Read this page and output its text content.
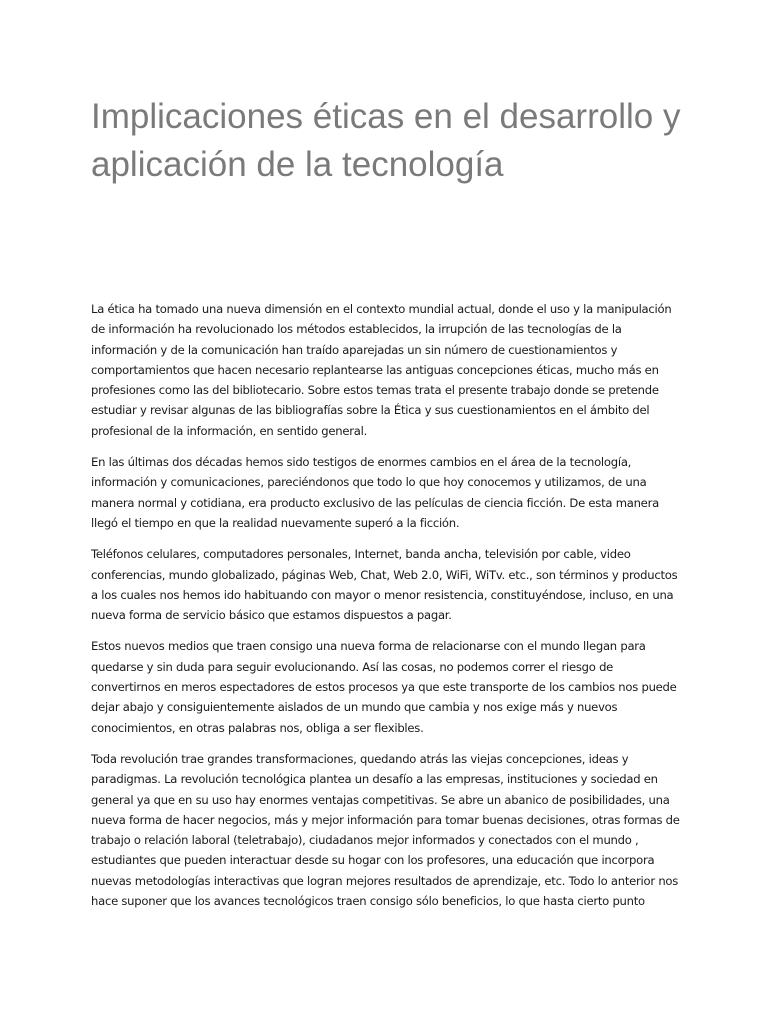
Implicaciones éticas en el desarrollo y aplicación de la tecnología

La ética ha tomado una nueva dimensión en el contexto mundial actual, donde el uso y la manipulación de información ha revolucionado los métodos establecidos, la irrupción de las tecnologías de la información y de la comunicación han traído aparejadas un sin número de cuestionamientos y comportamientos que hacen necesario replantearse las antiguas concepciones éticas, mucho más en profesiones como las del bibliotecario. Sobre estos temas trata el presente trabajo donde se pretende estudiar y revisar algunas de las bibliografías sobre la Ética y sus cuestionamientos en el ámbito del profesional de la información, en sentido general.

En las últimas dos décadas hemos sido testigos de enormes cambios en el área de la tecnología, información y comunicaciones, pareciéndonos que todo lo que hoy conocemos y utilizamos, de una manera normal y cotidiana, era producto exclusivo de las películas de ciencia ficción. De esta manera llegó el tiempo en que la realidad nuevamente superó a la ficción.

Teléfonos celulares, computadores personales, Internet, banda ancha, televisión por cable, video conferencias, mundo globalizado, páginas Web, Chat, Web 2.0, WiFi, WiTv. etc., son términos y productos a los cuales nos hemos ido habituando con mayor o menor resistencia, constituyéndose, incluso, en una nueva forma de servicio básico que estamos dispuestos a pagar.

Estos nuevos medios que traen consigo una nueva forma de relacionarse con el mundo llegan para quedarse y sin duda para seguir evolucionando. Así las cosas, no podemos correr el riesgo de convertirnos en meros espectadores de estos procesos ya que este transporte de los cambios nos puede dejar abajo y consiguientemente aislados de un mundo que cambia y nos exige más y nuevos conocimientos, en otras palabras nos, obliga a ser flexibles.

Toda revolución trae grandes transformaciones, quedando atrás las viejas concepciones, ideas y paradigmas. La revolución tecnológica plantea un desafío a las empresas, instituciones y sociedad en general ya que en su uso hay enormes ventajas competitivas. Se abre un abanico de posibilidades, una nueva forma de hacer negocios, más y mejor información para tomar buenas decisiones, otras formas de trabajo o relación laboral (teletrabajo), ciudadanos mejor informados y conectados con el mundo , estudiantes que pueden interactuar desde su hogar con los profesores, una educación que incorpora nuevas metodologías interactivas que logran mejores resultados de aprendizaje, etc. Todo lo anterior nos hace suponer que los avances tecnológicos traen consigo sólo beneficios, lo que hasta cierto punto
